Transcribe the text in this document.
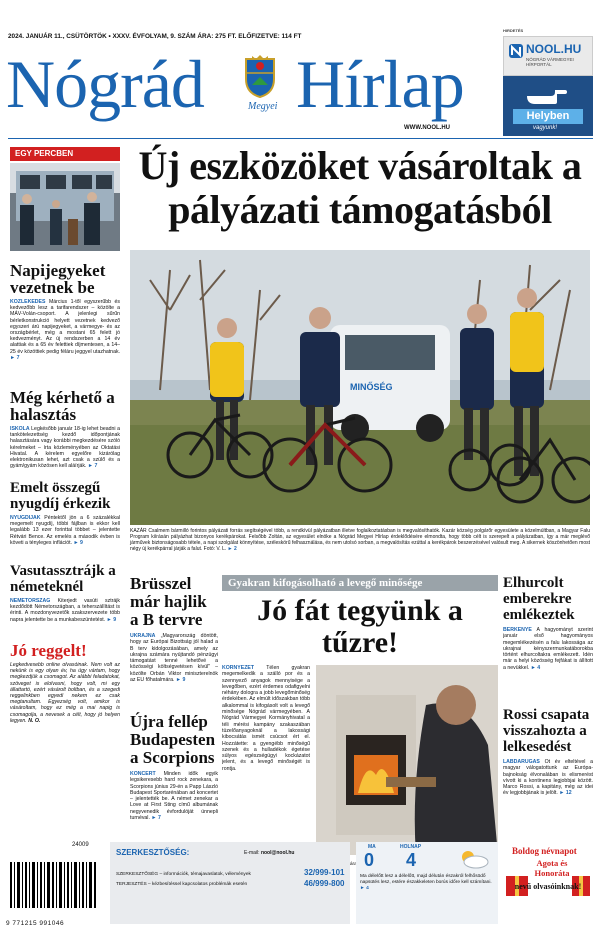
2024. JANUÁR 11., CSÜTÖRTÖK • XXXV. ÉVFOLYAM, 9. SZÁM ÁRA: 275 FT. ELŐFIZETVE: 114 FT
Nógrád	Megyei Hírlap
WWW.NOOL.HU
HIRDETÉS
NOOL.HU
NÓGRÁD VÁRMEGYEI HÍRPORTÁL
Helyben
vagyunk!
EGY PERCBEN
Napijegyeket vezetnek be

KÖZLEKEDÉS Március 1-től egyszerűbb és kedvezőbb lesz a tarifarendszer – közölte a MÁV-Volán-csoport. A jelenlegi sűrűn bérletkonstrukció helyett vezetnek kedvező egyszeri árú napijegyeket, a vármegye- és az országbérlet, még a mostani 65 felett jó kedvezményt. Az új rendszerben a 14 év alattiak és a 65 év felettiek díjmentesen, a 14–25 év közöttiek pedig féláru jeggyel utazhatnak. ► 7

Még kérhető a halasztás

ISKOLA Legkésőbb január 18-ig lehet beadni a tankötelezettség kezdő időpontjának halasztására vagy korábbi megkezdésére szóló kérelmeket – írta közleményében az Oktatási Hivatal. A kérelem egyelőre kizárólag elektronikusan lehet, azt csak a szülő és a gyám/gyám közösen kell aláírják. ► 7

Emelt összegű nyugdíj érkezik

NYUGDÍJAK Péntektől jön a 6 százalékkal megemelt nyugdíj, többi fájlban is ekkor kell legalább 13 ezer forinttal többet – jelentette Rétvári Bence. Az emelés a második évben is követi a tényleges inflációt. ► 9

Vasutassztrájk a németeknél

NÉMETORSZÁG Kiterjedt vasúti sztrájk kezdődött Németországban, a teherszállítást is érinti. A mozdonyvezetők szakszervezete több napra jelentette be a munkabeszüntetést. ► 9

Jó reggelt!

Legkedvesebb online olvasóinak. Nem volt az nekünk is egy olyan év, ha úgy vártam, hogy megkezdjük a csomagot. Az alábbi feladatokat, szöveget is elolvasni, hogy volt, mi egy állattartó, ezért vásárolt boltban, és a szegedi reggelinkben egyedi nekem ez csak megtanultam. Egyezség volt, amikor is vásároltam, hogy ez még a mai napig is csomagolja, a nevesek a célt, hogy jó helyen legyen. N. O.

Új eszközöket vásároltak a pályázati támogatásból
MINŐSÉG
KAZÁR Csalmem bármilló forintos pályázati forrás segítségével több, a rendkívül pályázatban illetve foglalkoztatásban is megvalósíthatók. Kazár község polgárőr egyesülete a közelmúltban, a Magyar Falu Program kiírásán pályázhat bizonyos kerékpárokat. Felsőbb Zoltán, az egyesület elnöke a Nógrád Megyei Hírlap érdeklődésére elmondta, hogy több célt is szerepelt a pályázatban, így a már meglévő járművek biztonságosabb tétele, a napi szolgálat könnyítése, széleskörű felhasználása, és nem utolsó sorban, a megvalósítás ezúttal a kerékpárok beszerzésével valósult meg. A sikernek köszönhetően most négy új kerékpárral járják a falut. Fotó: V. L. ► 2
Brüsszel már hajlik a B tervre

UKRAJNA „Magyarország döntött, hogy az Európai Bizottság jól halad a B terv kidolgozásában, amely az ukrajna számára nyújtandó pénzügyi támogatást tenné lehetővé a közösségi költségvetésen kívül" – közölte Orbán Viktor miniszterelnök az EU főhatalmára. ► 9

Újra fellép Budapesten a Scorpions

KONCERT Minden idők egyik legsikeresebb hard rock zenekara, a Scorpions június 29-én a Papp László Budapest Sportarénában ad koncertet – jelentették be. A német zenekar a Love at First Sting című albumának negyvenedik évfordulóját ünnepli turnéval. ► 7

Gyakran kifogásolható a levegő minősége
Jó fát tegyünk a tűzre!

KÖRNYEZET Télen gyakran megemelkedik a szálló por és a szennyező anyagok mennyisége a levegőben, ezért érdemes odafigyelni néhány dologra a jobb levegőminőség érdekében. Az elmúlt időszakban több alkalommal is kifogásolt volt a levegő minősége Nógrád vármegyében. A Nógrád Vármegyei Kormányhivatal a téli mérési kampány szakaszában tüzelőanyagoknál a lakossági kibocsátás ismét csúcsot ért el. Hozzátette: a gyengébb minőségű szenek és a hulladékok égetése súlyos egészségügyi kockázatot jelent, és a levegő minőségét is rontja.

száraz
Elhurcolt emberekre emlékeztek

BERKENYE A hagyományt szerint január első hagyományos megemlékezésén a falu lakossága az ukrajnai kényszermunkatáborokba történt elhurcoltakra emlékezett. Idén már a helyi közösség fejfákat is állított a nevükkel. ► 4

Rossi csapata visszahozta a lelkesedést

LABDARÚGÁS Öt év elteltével a magyar válogatottunk az Európa-bajnokság élvonalában is elismerést vívott ki a kontinens legjobbjai között. Marco Rossi, a kapitány, még az idei év legjobbjának is jelölt. ► 12

24009
9 771215 991046
SZERKESZTŐSÉG:	E-mail: nool@nool.hu
SZERKESZTŐSÉG – információk, témajavaslatok, vélemények
TERJESZTÉS – kézbesítéssel kapcsolatos problémák esetén
32/999-101
46/999-800
MA
0
HOLNAP
4
Ma délelőtt lesz a délelőtt, majd délután északról felhősödő napsütés lesz, estére északkeleten borús időre kell számítani. ► 4
Boldog névnapot
Agota és Honoráta
nevű olvasóinknak!
